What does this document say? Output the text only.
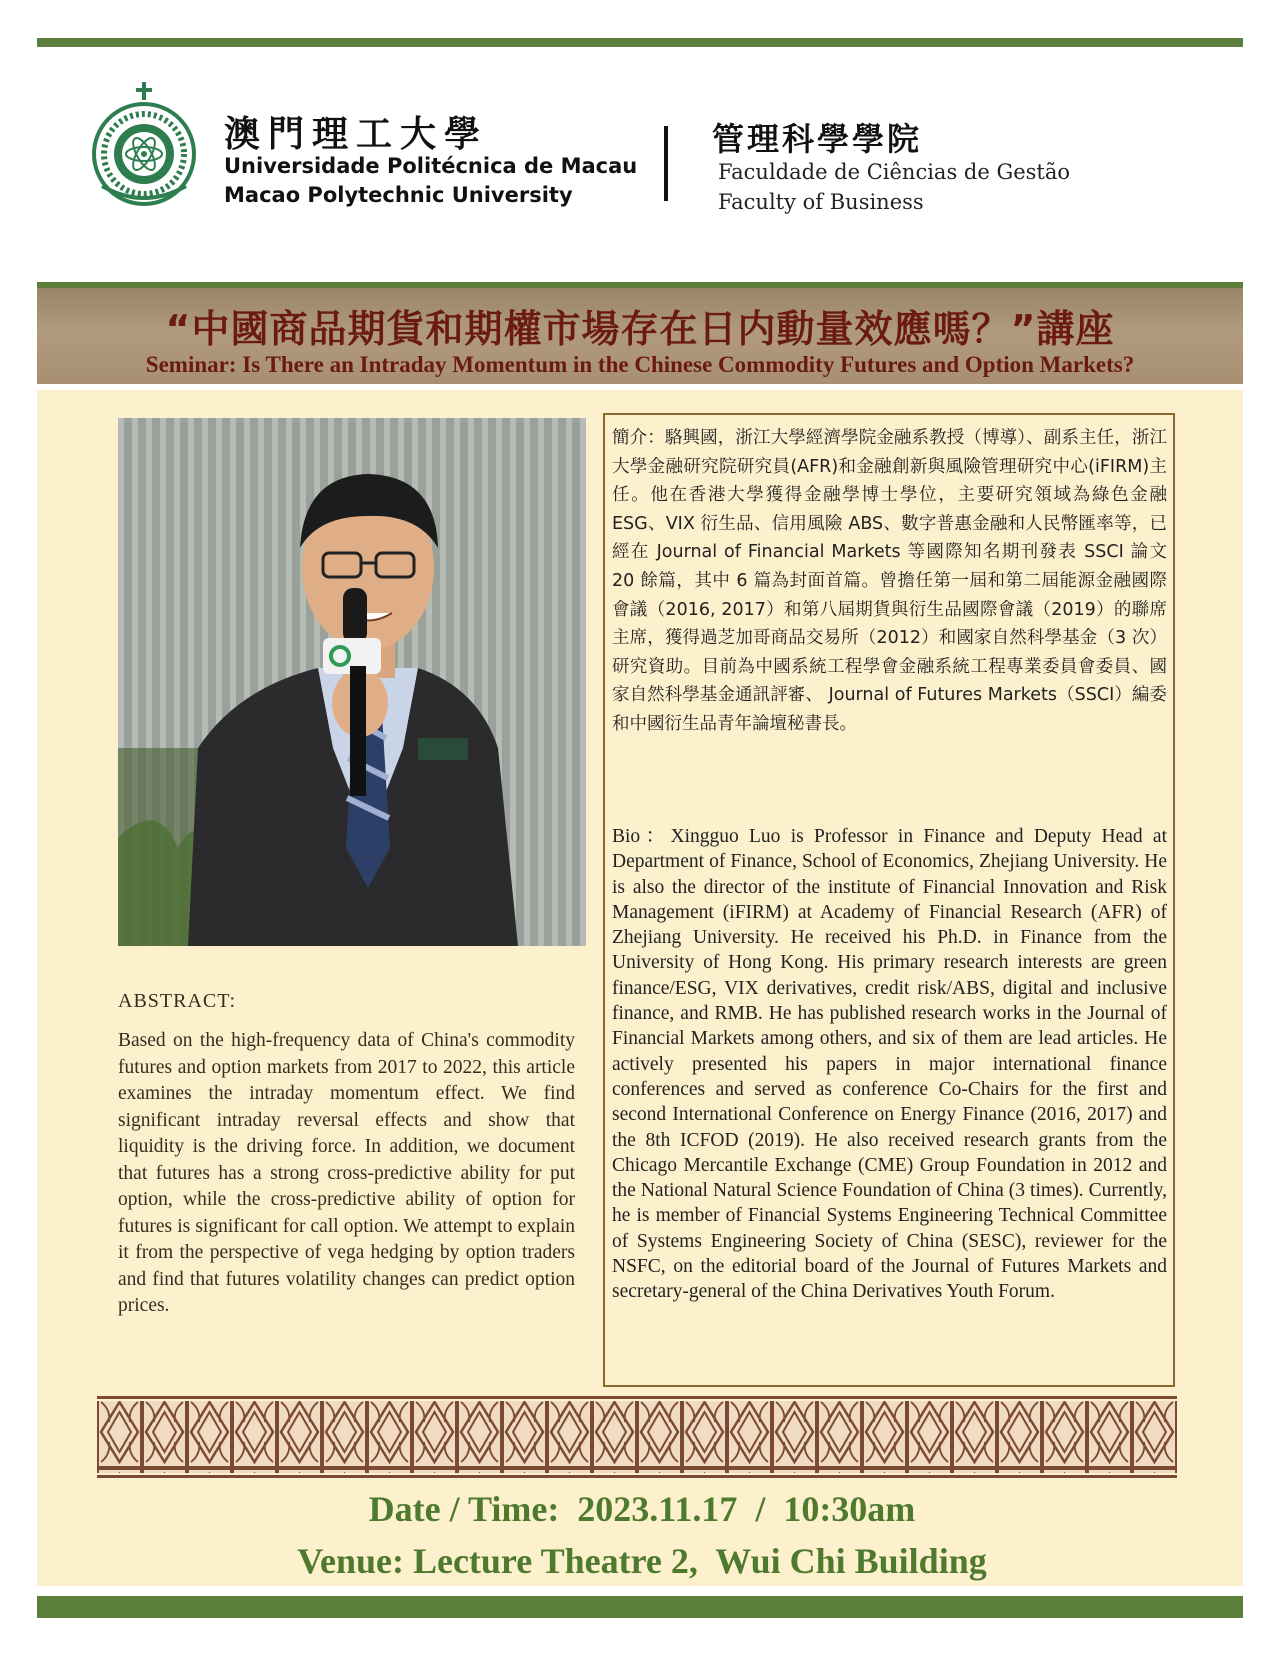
澳門理工大學
Universidade Politécnica de Macau
Macao Polytechnic University
管理科學學院
Faculdade de Ciências de Gestão
Faculty of Business
“中國商品期貨和期權市場存在日内動量效應嗎？”講座
Seminar: Is There an Intraday Momentum in the Chinese Commodity Futures and Option Markets?
ABSTRACT:
Based on the high-frequency data of China's commodity futures and option markets from 2017 to 2022, this article examines the intraday momentum effect. We find significant intraday reversal effects and show that liquidity is the driving force. In addition, we document that futures has a strong cross-predictive ability for put option, while the cross-predictive ability of option for futures is significant for call option. We attempt to explain it from the perspective of vega hedging by option traders and find that futures volatility changes can predict option prices.
簡介：駱興國，浙江大學經濟學院金融系教授（博導）、副系主任，浙江大學金融研究院研究員(AFR)和金融創新與風險管理研究中心(iFIRM)主任。他在香港大學獲得金融學博士學位，主要研究領域為綠色金融 ESG、VIX 衍生品、信用風險 ABS、數字普惠金融和人民幣匯率等，已經在 Journal of Financial Markets 等國際知名期刊發表 SSCI 論文 20 餘篇，其中 6 篇為封面首篇。曾擔任第一屆和第二屆能源金融國際會議（2016, 2017）和第八屆期貨與衍生品國際會議（2019）的聯席主席，獲得過芝加哥商品交易所（2012）和國家自然科學基金（3 次）研究資助。目前為中國系統工程學會金融系統工程專業委員會委員、國家自然科學基金通訊評審、 Journal of Futures Markets（SSCI）編委和中國衍生品青年論壇秘書長。
Bio：Xingguo Luo is Professor in Finance and Deputy Head at Department of Finance, School of Economics, Zhejiang University. He is also the director of the institute of Financial Innovation and Risk Management (iFIRM) at Academy of Financial Research (AFR) of Zhejiang University. He received his Ph.D. in Finance from the University of Hong Kong. His primary research interests are green finance/ESG, VIX derivatives, credit risk/ABS, digital and inclusive finance, and RMB. He has published research works in the Journal of Financial Markets among others, and six of them are lead articles. He actively presented his papers in major international finance conferences and served as conference Co-Chairs for the first and second International Conference on Energy Finance (2016, 2017) and the 8th ICFOD (2019). He also received research grants from the Chicago Mercantile Exchange (CME) Group Foundation in 2012 and the National Natural Science Foundation of China (3 times). Currently, he is member of Financial Systems Engineering Technical Committee of Systems Engineering Society of China (SESC), reviewer for the NSFC, on the editorial board of the Journal of Futures Markets and secretary-general of the China Derivatives Youth Forum.
Date / Time:  2023.11.17  /  10:30am
Venue: Lecture Theatre 2,  Wui Chi Building
